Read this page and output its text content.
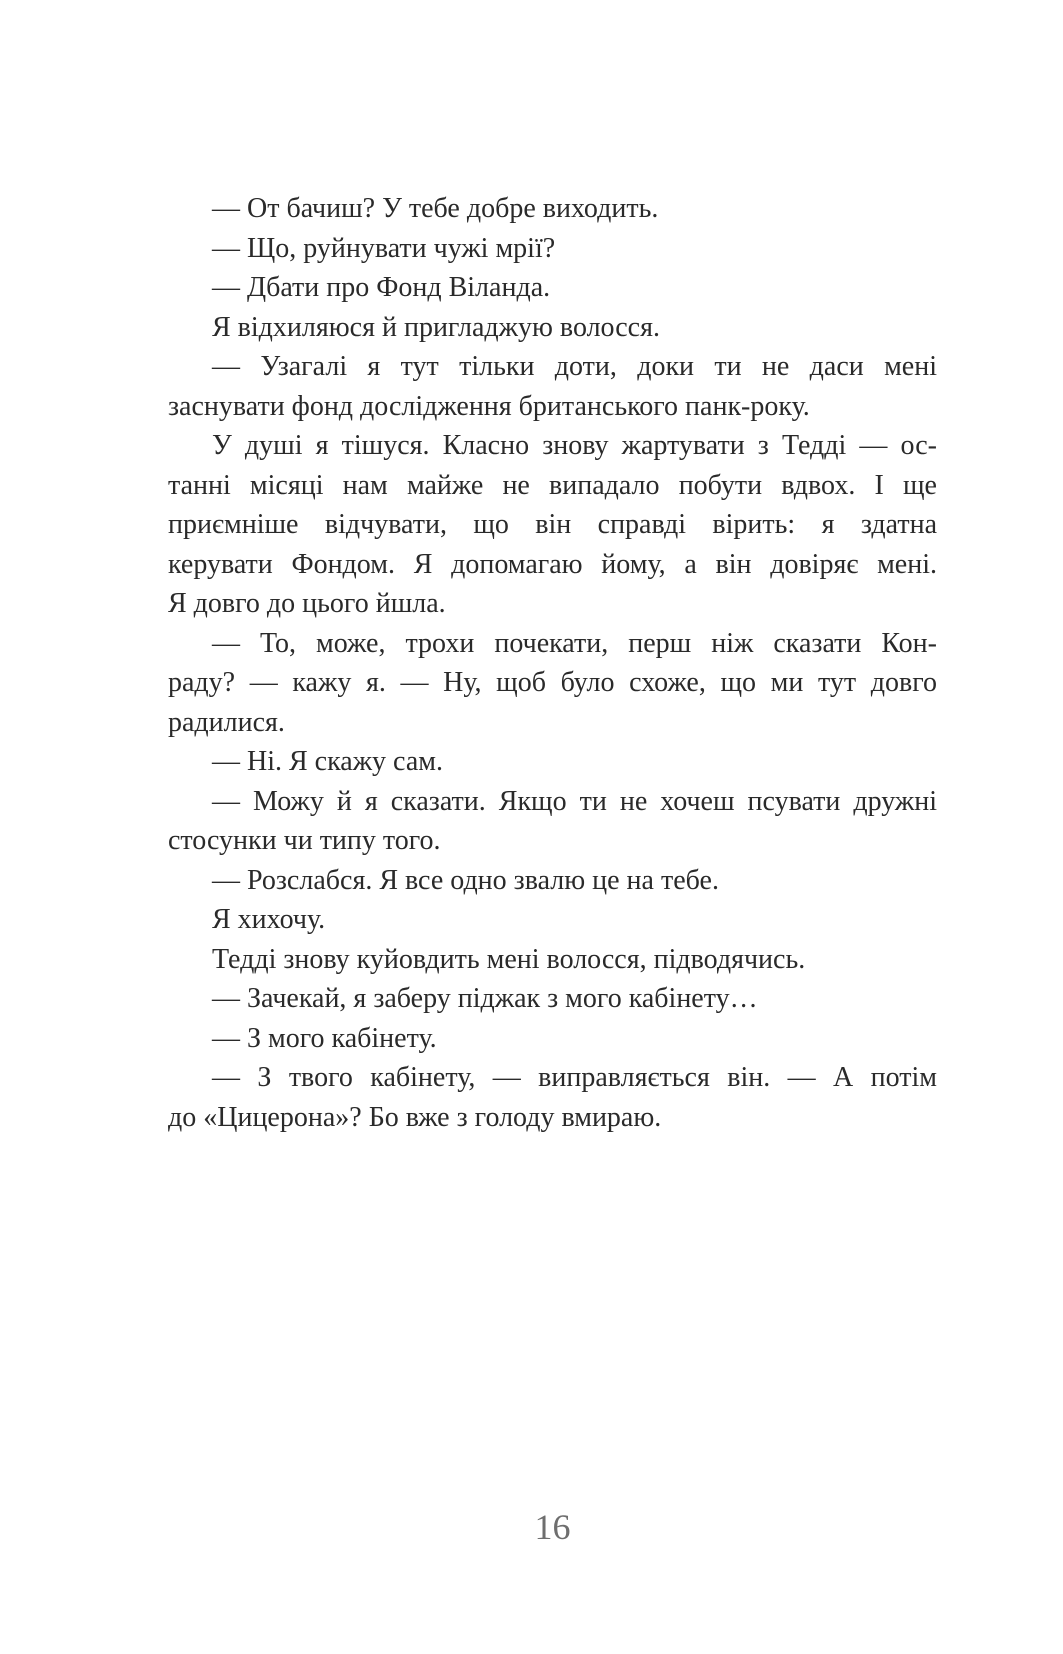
— От бачиш? У тебе добре виходить.

— Що, руйнувати чужі мрії?

— Дбати про Фонд Віланда.

Я відхиляюся й пригладжую волосся.

— Узагалі я тут тільки доти, доки ти не даси мені
заснувати фонд дослідження британського панк-року.

У душі я тішуся. Класно знову жартувати з Тедді — ос-
танні місяці нам майже не випадало побути вдвох. І ще
приємніше відчувати, що він справді вірить: я здатна
керувати Фондом. Я допомагаю йому, а він довіряє мені.
Я довго до цього йшла.

— То, може, трохи почекати, перш ніж сказати Кон-
раду? — кажу я. — Ну, щоб було схоже, що ми тут довго
радилися.

— Ні. Я скажу сам.

— Можу й я сказати. Якщо ти не хочеш псувати дружні
стосунки чи типу того.

— Розслабся. Я все одно звалю це на тебе.

Я хихочу.

Тедді знову куйовдить мені волосся, підводячись.

— Зачекай, я заберу піджак з мого кабінету…

— З мого кабінету.

— З твого кабінету, — виправляється він. — А потім
до «Цицерона»? Бо вже з голоду вмираю.

16
